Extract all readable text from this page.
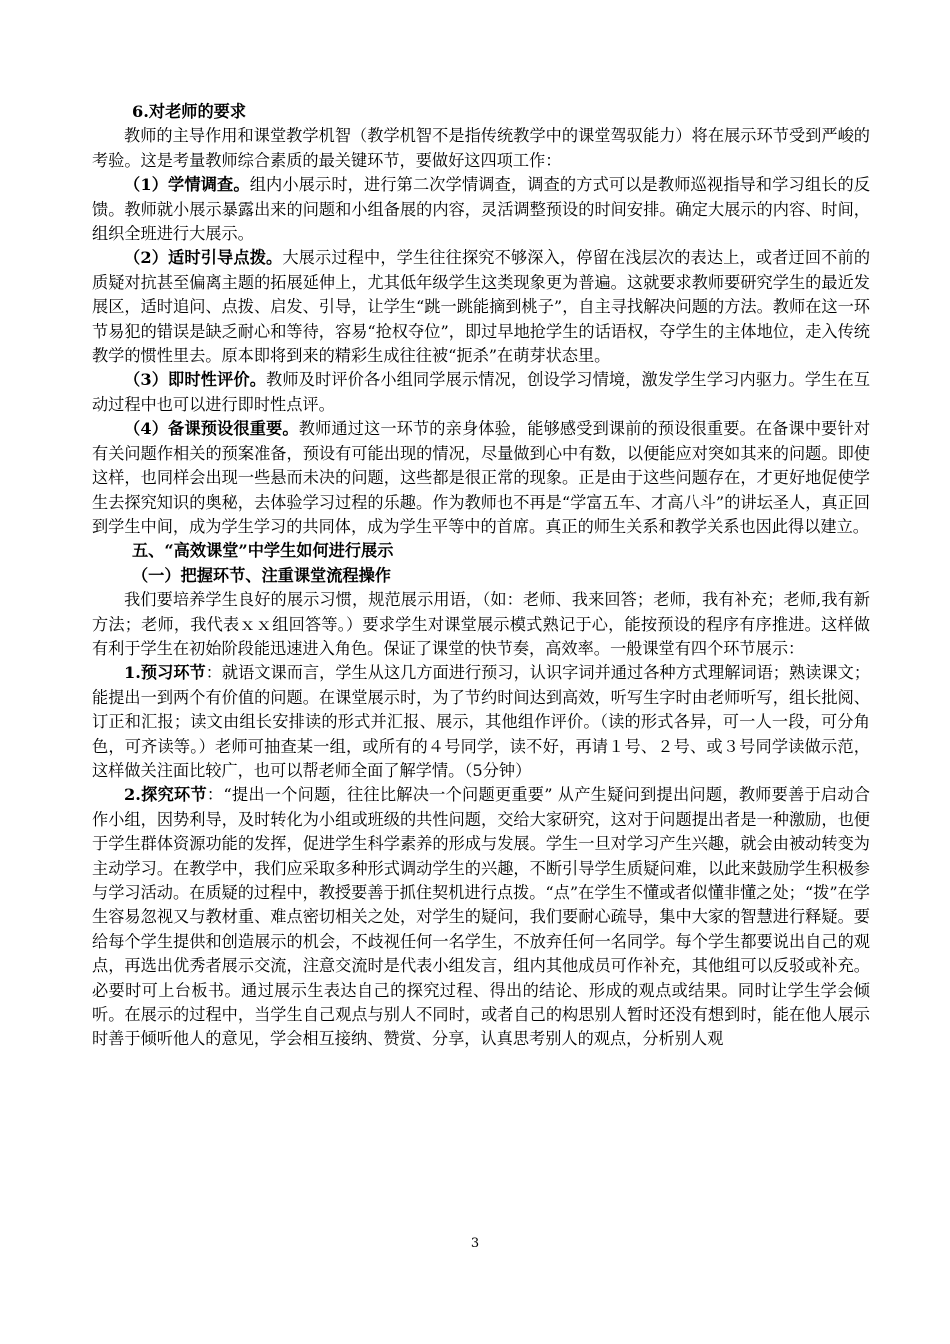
6.对老师的要求

教师的主导作用和课堂教学机智（教学机智不是指传统教学中的课堂驾驭能力）将在展示环节受到严峻的考验。这是考量教师综合素质的最关键环节，要做好这四项工作：

（1）学情调查。组内小展示时，进行第二次学情调查，调查的方式可以是教师巡视指导和学习组长的反馈。教师就小展示暴露出来的问题和小组备展的内容，灵活调整预设的时间安排。确定大展示的内容、时间，组织全班进行大展示。

（2）适时引导点拨。大展示过程中，学生往往探究不够深入，停留在浅层次的表达上，或者迂回不前的质疑对抗甚至偏离主题的拓展延伸上，尤其低年级学生这类现象更为普遍。这就要求教师要研究学生的最近发展区，适时追问、点拨、启发、引导，让学生“跳一跳能摘到桃子”，自主寻找解决问题的方法。教师在这一环节易犯的错误是缺乏耐心和等待，容易“抢权夺位”，即过早地抢学生的话语权，夺学生的主体地位，走入传统教学的惯性里去。原本即将到来的精彩生成往往被“扼杀”在萌芽状态里。

（3）即时性评价。教师及时评价各小组同学展示情况，创设学习情境，激发学生学习内驱力。学生在互动过程中也可以进行即时性点评。

（4）备课预设很重要。教师通过这一环节的亲身体验，能够感受到课前的预设很重要。在备课中要针对有关问题作相关的预案准备，预设有可能出现的情况，尽量做到心中有数，以便能应对突如其来的问题。即使这样，也同样会出现一些悬而未决的问题，这些都是很正常的现象。正是由于这些问题存在，才更好地促使学生去探究知识的奥秘，去体验学习过程的乐趣。作为教师也不再是“学富五车、才高八斗”的讲坛圣人，真正回到学生中间，成为学生学习的共同体，成为学生平等中的首席。真正的师生关系和教学关系也因此得以建立。

五、“高效课堂”中学生如何进行展示

（一）把握环节、注重课堂流程操作

我们要培养学生良好的展示习惯，规范展示用语，（如：老师、我来回答；老师，我有补充；老师,我有新方法；老师，我代表ｘｘ组回答等。）要求学生对课堂展示模式熟记于心，能按预设的程序有序推进。这样做有利于学生在初始阶段能迅速进入角色。保证了课堂的快节奏，高效率。一般课堂有四个环节展示：

1.预习环节：就语文课而言，学生从这几方面进行预习，认识字词并通过各种方式理解词语；熟读课文；能提出一到两个有价值的问题。在课堂展示时，为了节约时间达到高效，听写生字时由老师听写，组长批阅、订正和汇报；读文由组长安排读的形式并汇报、展示，其他组作评价。（读的形式各异，可一人一段，可分角色，可齐读等。）老师可抽查某一组，或所有的４号同学，读不好，再请１号、２号、或３号同学读做示范，这样做关注面比较广，也可以帮老师全面了解学情。（5分钟）

2.探究环节：“提出一个问题，往往比解决一个问题更重要” 从产生疑问到提出问题，教师要善于启动合作小组，因势利导，及时转化为小组或班级的共性问题，交给大家研究，这对于问题提出者是一种激励，也便于学生群体资源功能的发挥，促进学生科学素养的形成与发展。学生一旦对学习产生兴趣，就会由被动转变为主动学习。在教学中，我们应采取多种形式调动学生的兴趣，不断引导学生质疑问难，以此来鼓励学生积极参与学习活动。在质疑的过程中，教授要善于抓住契机进行点拨。“点”在学生不懂或者似懂非懂之处；“拨”在学生容易忽视又与教材重、难点密切相关之处，对学生的疑问，我们要耐心疏导，集中大家的智慧进行释疑。要给每个学生提供和创造展示的机会，不歧视任何一名学生，不放弃任何一名同学。每个学生都要说出自己的观点，再选出优秀者展示交流，注意交流时是代表小组发言，组内其他成员可作补充，其他组可以反驳或补充。必要时可上台板书。通过展示生表达自己的探究过程、得出的结论、形成的观点或结果。同时让学生学会倾听。在展示的过程中，当学生自己观点与别人不同时，或者自己的构思别人暂时还没有想到时，能在他人展示时善于倾听他人的意见，学会相互接纳、赞赏、分享，认真思考别人的观点，分析别人观

3
